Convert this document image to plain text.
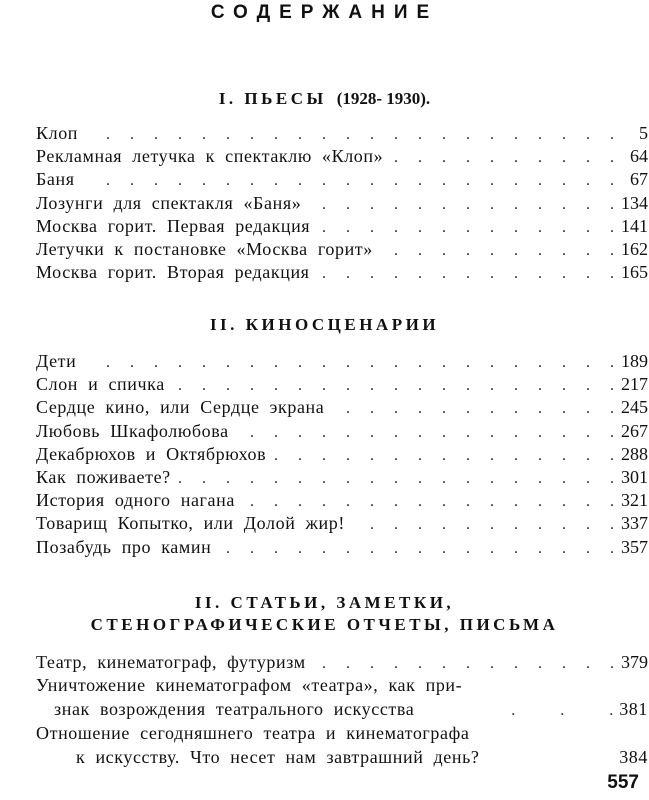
СОДЕРЖАНИЕ
I. ПЬЕСЫ (1928- 1930).
Клоп .	5
Рекламная летучка к спектаклю «Клоп» .	64
Баня .	67
Лозунги для спектакля «Баня» .	134
Москва горит. Первая редакция .	141
Летучки к постановке «Москва горит» .	162
Москва горит. Вторая редакция .	165
II. КИНОСЦЕНАРИИ
Дети .	189
Слон и спичка .	217
Сердце кино, или Сердце экрана .	245
Любовь Шкафолюбова .	267
Декабрюхов и Октябрюхов .	288
Как поживаете? .	301
История одного нагана .	321
Товарищ Копытко, или Долой жир! .	337
Позабудь про камин .	357
II. СТАТЬИ, ЗАМЕТКИ,
СТЕНОГРАФИЧЕСКИЕ ОТЧЕТЫ, ПИСЬМА
Театр, кинематограф, футуризм .	379
Уничтожение кинематографом «театра», как при-
знак возрождения театрального искусства .	381
Отношение сегодняшнего театра и кинематографа
к искусству. Что несет нам завтрашний день?	384
557
